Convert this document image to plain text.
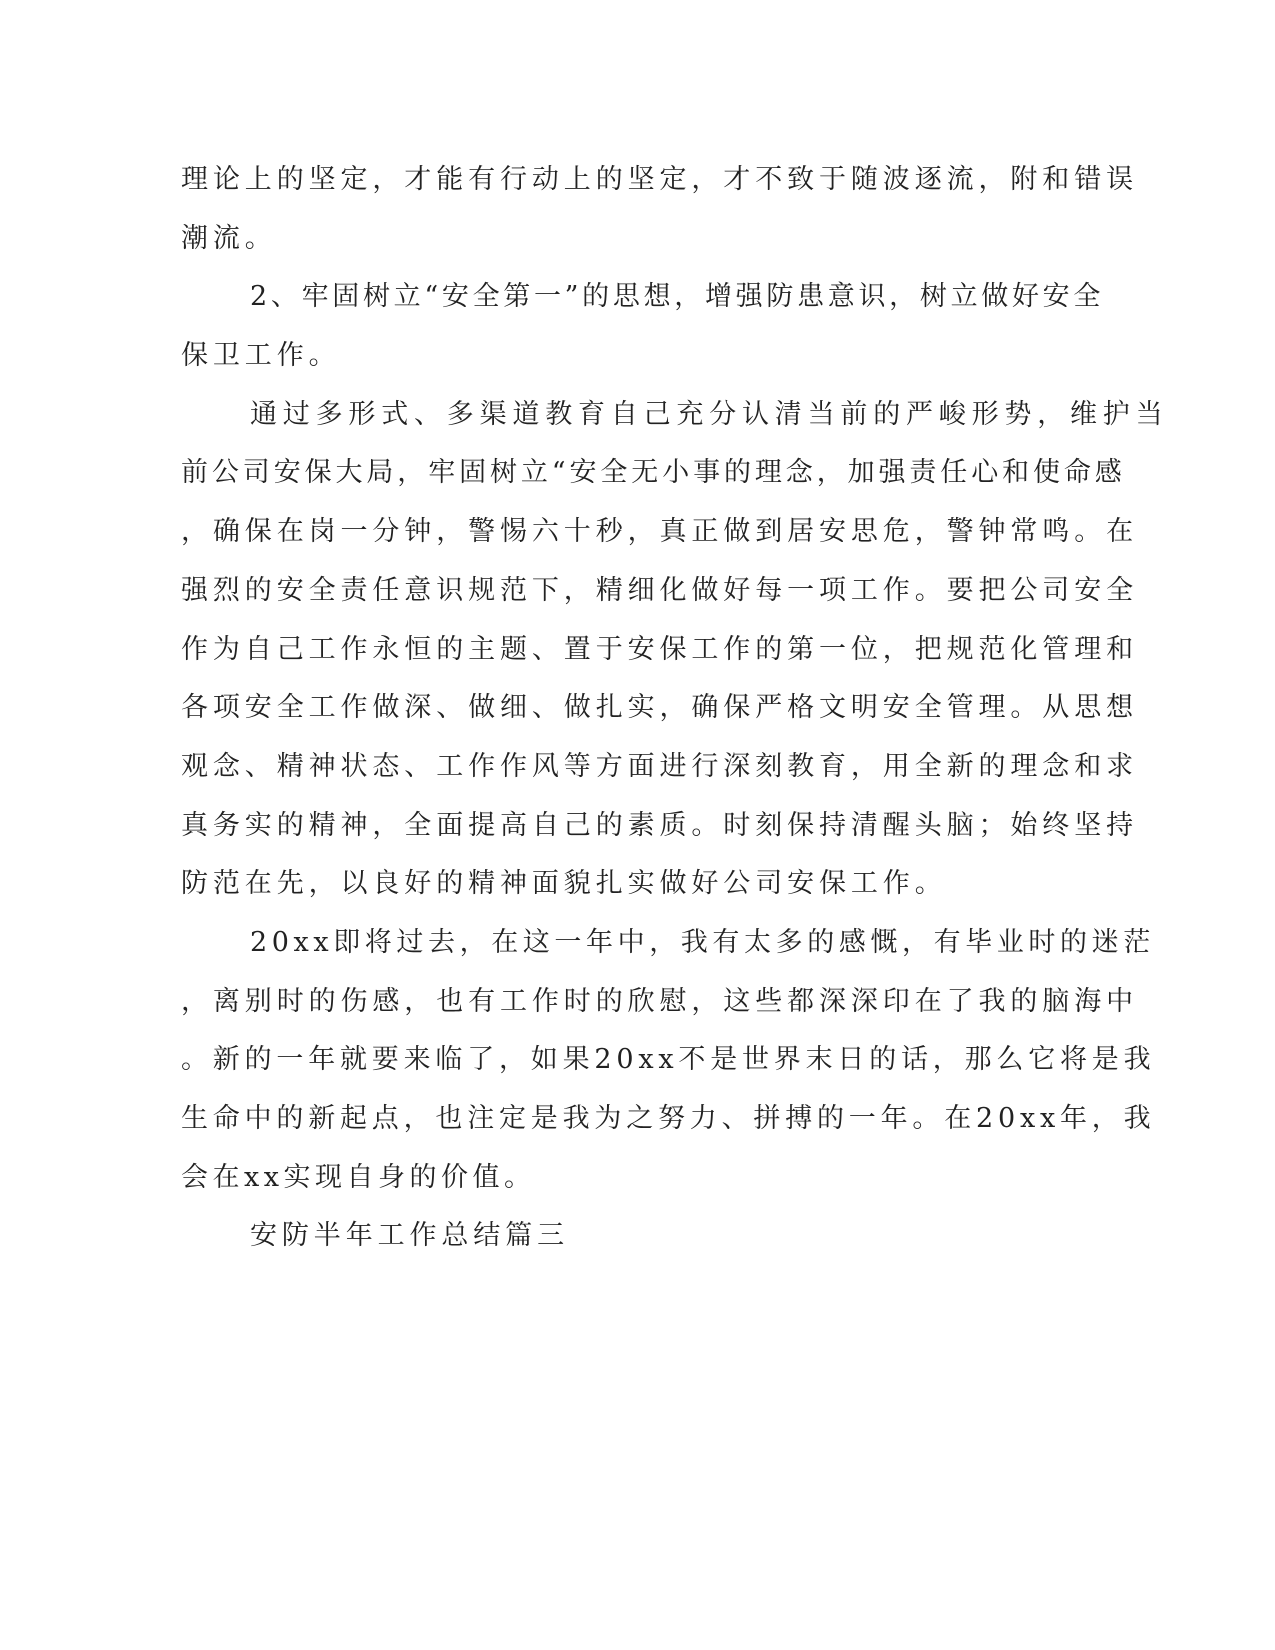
理论上的坚定，才能有行动上的坚定，才不致于随波逐流，附和错误
潮流。
2、牢固树立“安全第一”的思想，增强防患意识，树立做好安全
保卫工作。
通过多形式、多渠道教育自己充分认清当前的严峻形势，维护当
前公司安保大局，牢固树立“安全无小事的理念，加强责任心和使命感
，确保在岗一分钟，警惕六十秒，真正做到居安思危，警钟常鸣。在
强烈的安全责任意识规范下，精细化做好每一项工作。要把公司安全
作为自己工作永恒的主题、置于安保工作的第一位，把规范化管理和
各项安全工作做深、做细、做扎实，确保严格文明安全管理。从思想
观念、精神状态、工作作风等方面进行深刻教育，用全新的理念和求
真务实的精神，全面提高自己的素质。时刻保持清醒头脑；始终坚持
防范在先，以良好的精神面貌扎实做好公司安保工作。
20xx即将过去，在这一年中，我有太多的感慨，有毕业时的迷茫
，离别时的伤感，也有工作时的欣慰，这些都深深印在了我的脑海中
。新的一年就要来临了，如果20xx不是世界末日的话，那么它将是我
生命中的新起点，也注定是我为之努力、拼搏的一年。在20xx年，我
会在xx实现自身的价值。
安防半年工作总结篇三
